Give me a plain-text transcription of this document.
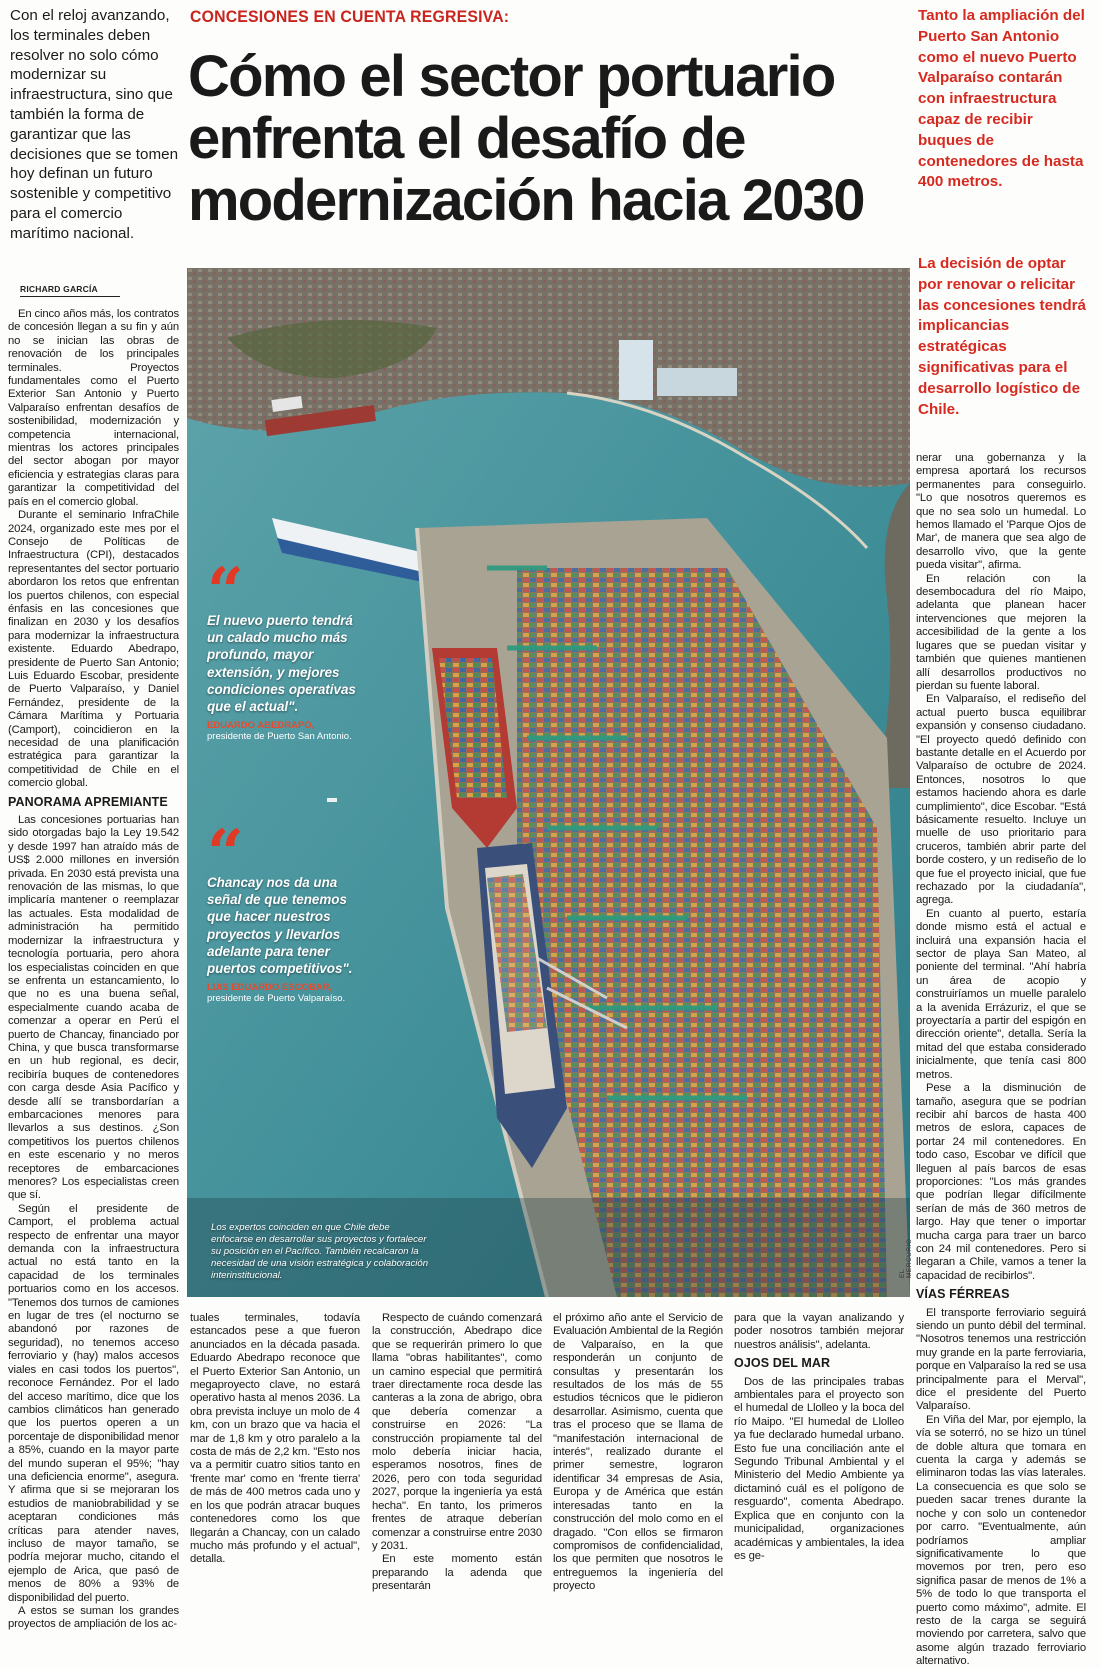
Con el reloj avanzando, los terminales deben resolver no solo cómo modernizar su infraestructura, sino que también la forma de garantizar que las decisiones que se tomen hoy definan un futuro sostenible y competitivo para el comercio marítimo nacional.
CONCESIONES EN CUENTA REGRESIVA:
Cómo el sector portuario enfrenta el desafío de modernización hacia 2030
Tanto la ampliación del Puerto San Antonio como el nuevo Puerto Valparaíso contarán con infraestructura capaz de recibir buques de contenedores de hasta 400 metros.
La decisión de optar por renovar o relicitar las concesiones tendrá implicancias estratégicas significativas para el desarrollo logístico de Chile.
RICHARD GARCÍA

En cinco años más, los contratos de concesión llegan a su fin y aún no se inician las obras de renovación de los principales terminales. Proyectos fundamentales como el Puerto Exterior San Antonio y Puerto Valparaíso enfrentan desafíos de sostenibilidad, modernización y competencia internacional, mientras los actores principales del sector abogan por mayor eficiencia y estrategias claras para garantizar la competitividad del país en el comercio global.

Durante el seminario InfraChile 2024, organizado este mes por el Consejo de Políticas de Infraestructura (CPI), destacados representantes del sector portuario abordaron los retos que enfrentan los puertos chilenos, con especial énfasis en las concesiones que finalizan en 2030 y los desafíos para modernizar la infraestructura existente. Eduardo Abedrapo, presidente de Puerto San Antonio; Luis Eduardo Escobar, presidente de Puerto Valparaíso, y Daniel Fernández, presidente de la Cámara Marítima y Portuaria (Camport), coincidieron en la necesidad de una planificación estratégica para garantizar la competitividad de Chile en el comercio global.

PANORAMA APREMIANTE

Las concesiones portuarias han sido otorgadas bajo la Ley 19.542 y desde 1997 han atraído más de US$ 2.000 millones en inversión privada. En 2030 está prevista una renovación de las mismas, lo que implicaría mantener o reemplazar las actuales. Esta modalidad de administración ha permitido modernizar la infraestructura y tecnología portuaria, pero ahora los especialistas coinciden en que se enfrenta un estancamiento, lo que no es una buena señal, especialmente cuando acaba de comenzar a operar en Perú el puerto de Chancay, financiado por China, y que busca transformarse en un hub regional, es decir, recibiría buques de contenedores con carga desde Asia Pacífico y desde allí se transbordarían a embarcaciones menores para llevarlos a sus destinos. ¿Son competitivos los puertos chilenos en este escenario y no meros receptores de embarcaciones menores? Los especialistas creen que sí.

Según el presidente de Camport, el problema actual respecto de enfrentar una mayor demanda con la infraestructura actual no está tanto en la capacidad de los terminales portuarios como en los accesos. "Tenemos dos turnos de camiones en lugar de tres (el nocturno se abandonó por razones de seguridad), no tenemos acceso ferroviario y (hay) malos accesos viales en casi todos los puertos", reconoce Fernández. Por el lado del acceso marítimo, dice que los cambios climáticos han generado que los puertos operen a un porcentaje de disponibilidad menor a 85%, cuando en la mayor parte del mundo superan el 95%; "hay una deficiencia enorme", asegura. Y afirma que si se mejoraran los estudios de maniobrabilidad y se aceptaran condiciones más críticas para atender naves, incluso de mayor tamaño, se podría mejorar mucho, citando el ejemplo de Arica, que pasó de menos de 80% a 93% de disponibilidad del puerto.

A estos se suman los grandes proyectos de ampliación de los ac-

“
El nuevo puerto tendrá un calado mucho más profundo, mayor extensión, y mejores condiciones operativas que el actual".
EDUARDO ABEDRAPO,
presidente de Puerto San Antonio.
“
Chancay nos da una señal de que tenemos que hacer nuestros proyectos y llevarlos adelante para tener puertos competitivos".
LUIS EDUARDO ESCOBAR,
presidente de Puerto Valparaíso.
Los expertos coinciden en que Chile debe enfocarse en desarrollar sus proyectos y fortalecer su posición en el Pacífico. También recalcaron la necesidad de una visión estratégica y colaboración interinstitucional.	EL MERCURIO

nerar una gobernanza y la empresa aportará los recursos permanentes para conseguirlo. "Lo que nosotros queremos es que no sea solo un humedal. Lo hemos llamado el 'Parque Ojos de Mar', de manera que sea algo de desarrollo vivo, que la gente pueda visitar", afirma.

En relación con la desembocadura del río Maipo, adelanta que planean hacer intervenciones que mejoren la accesibilidad de la gente a los lugares que se puedan visitar y también que quienes mantienen allí desarrollos productivos no pierdan su fuente laboral.

En Valparaíso, el rediseño del actual puerto busca equilibrar expansión y consenso ciudadano. "El proyecto quedó definido con bastante detalle en el Acuerdo por Valparaíso de octubre de 2024. Entonces, nosotros lo que estamos haciendo ahora es darle cumplimiento", dice Escobar. "Está básicamente resuelto. Incluye un muelle de uso prioritario para cruceros, también abrir parte del borde costero, y un rediseño de lo que fue el proyecto inicial, que fue rechazado por la ciudadanía", agrega.

En cuanto al puerto, estaría donde mismo está el actual e incluirá una expansión hacia el sector de playa San Mateo, al poniente del terminal. "Ahí habría un área de acopio y construiríamos un muelle paralelo a la avenida Errázuriz, el que se proyectaría a partir del espigón en dirección oriente", detalla. Sería la mitad del que estaba considerado inicialmente, que tenía casi 800 metros.

Pese a la disminución de tamaño, asegura que se podrían recibir ahí barcos de hasta 400 metros de eslora, capaces de portar 24 mil contenedores. En todo caso, Escobar ve difícil que lleguen al país barcos de esas proporciones: "Los más grandes que podrían llegar difícilmente serían de más de 360 metros de largo. Hay que tener o importar mucha carga para traer un barco con 24 mil contenedores. Pero si llegaran a Chile, vamos a tener la capacidad de recibirlos".

VÍAS FÉRREAS

El transporte ferroviario seguirá siendo un punto débil del terminal. "Nosotros tenemos una restricción muy grande en la parte ferroviaria, porque en Valparaíso la red se usa principalmente para el Merval", dice el presidente del Puerto Valparaíso.

En Viña del Mar, por ejemplo, la vía se soterró, no se hizo un túnel de doble altura que tomara en cuenta la carga y además se eliminaron todas las vías laterales. La consecuencia es que solo se pueden sacar trenes durante la noche y con solo un contenedor por carro. "Eventualmente, aún podríamos ampliar significativamente lo que movemos por tren, pero eso significa pasar de menos de 1% a 5% de todo lo que transporta el puerto como máximo", admite. El resto de la carga se seguirá moviendo por carretera, salvo que asome algún trazado ferroviario alternativo.

tuales terminales, todavía estancados pese a que fueron anunciados en la década pasada. Eduardo Abedrapo reconoce que el Puerto Exterior San Antonio, un megaproyecto clave, no estará operativo hasta al menos 2036. La obra prevista incluye un molo de 4 km, con un brazo que va hacia el mar de 1,8 km y otro paralelo a la costa de más de 2,2 km. "Esto nos va a permitir cuatro sitios tanto en 'frente mar' como en 'frente tierra' de más de 400 metros cada uno y en los que podrán atracar buques contenedores como los que llegarán a Chancay, con un calado mucho más profundo y el actual", detalla.

Respecto de cuándo comenzará la construcción, Abedrapo dice que se requerirán primero lo que llama "obras habilitantes", como un camino especial que permitirá traer directamente roca desde las canteras a la zona de abrigo, obra que debería comenzar a construirse en 2026: "La construcción propiamente tal del molo debería iniciar hacia, esperamos nosotros, fines de 2026, pero con toda seguridad 2027, porque la ingeniería ya está hecha". En tanto, los primeros frentes de atraque deberían comenzar a construirse entre 2030 y 2031.

En este momento están preparando la adenda que presentarán

el próximo año ante el Servicio de Evaluación Ambiental de la Región de Valparaíso, en la que responderán un conjunto de consultas y presentarán los resultados de los más de 55 estudios técnicos que le pidieron desarrollar. Asimismo, cuenta que tras el proceso que se llama de "manifestación internacional de interés", realizado durante el primer semestre, lograron identificar 34 empresas de Asia, Europa y de América que están interesadas tanto en la construcción del molo como en el dragado. "Con ellos se firmaron compromisos de confidencialidad, los que permiten que nosotros le entreguemos la ingeniería del proyecto

para que la vayan analizando y poder nosotros también mejorar nuestros análisis", adelanta.

OJOS DEL MAR

Dos de las principales trabas ambientales para el proyecto son el humedal de Llolleo y la boca del río Maipo. "El humedal de Llolleo ya fue declarado humedal urbano. Esto fue una conciliación ante el Segundo Tribunal Ambiental y el Ministerio del Medio Ambiente ya dictaminó cuál es el polígono de resguardo", comenta Abedrapo. Explica que en conjunto con la municipalidad, organizaciones académicas y ambientales, la idea es ge-
